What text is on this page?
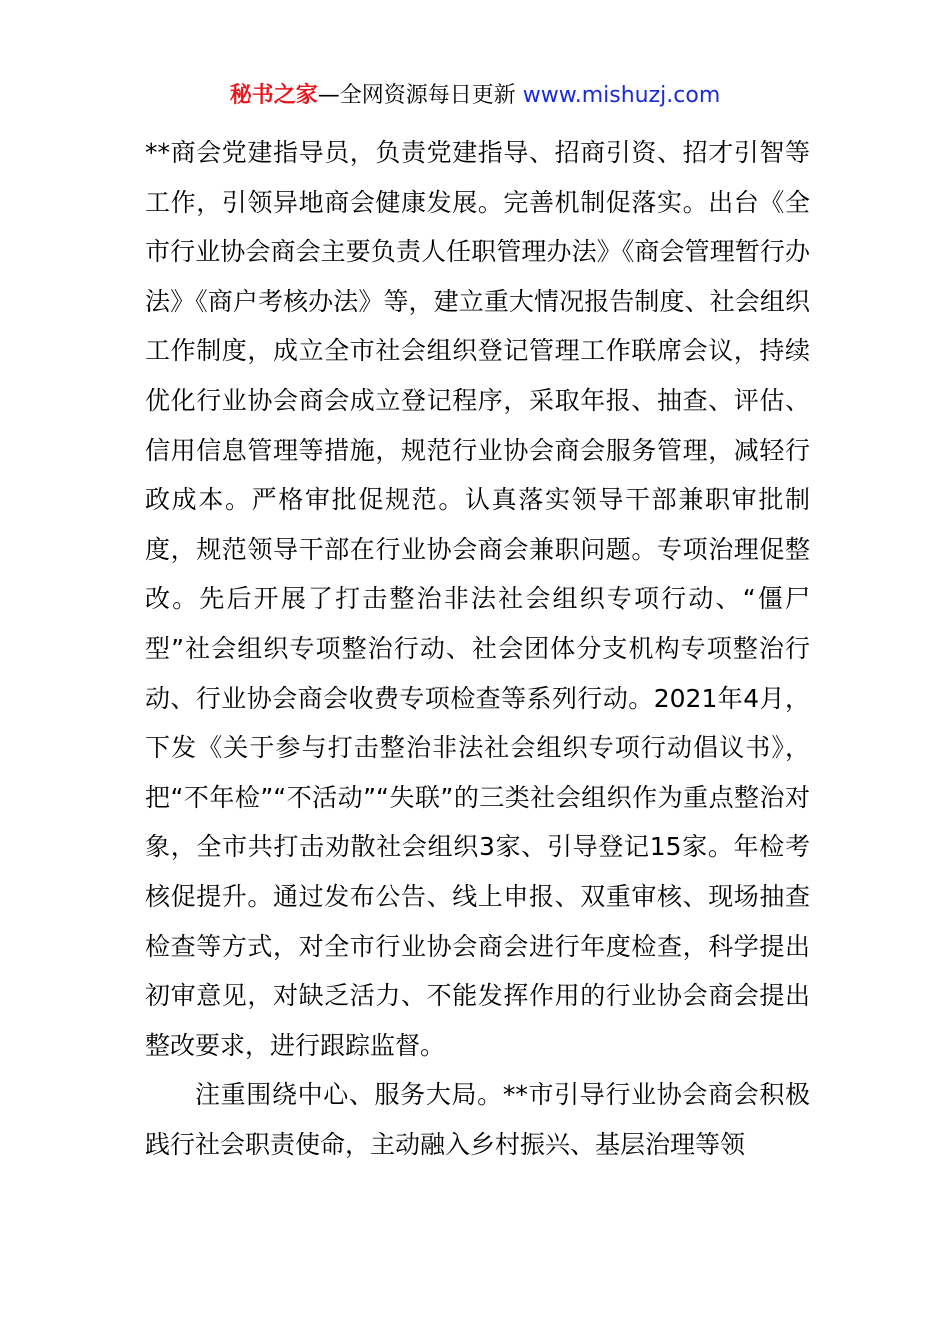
秘书之家—全网资源每日更新 www.mishuzj.com

**商会党建指导员，负责党建指导、招商引资、招才引智等工作，引领异地商会健康发展。完善机制促落实。出台《全市行业协会商会主要负责人任职管理办法》《商会管理暂行办法》《商户考核办法》等，建立重大情况报告制度、社会组织工作制度，成立全市社会组织登记管理工作联席会议，持续优化行业协会商会成立登记程序，采取年报、抽查、评估、信用信息管理等措施，规范行业协会商会服务管理，减轻行政成本。严格审批促规范。认真落实领导干部兼职审批制度，规范领导干部在行业协会商会兼职问题。专项治理促整改。先后开展了打击整治非法社会组织专项行动、“僵尸型”社会组织专项整治行动、社会团体分支机构专项整治行动、行业协会商会收费专项检查等系列行动。2021年4月，下发《关于参与打击整治非法社会组织专项行动倡议书》，把“不年检”“不活动”“失联”的三类社会组织作为重点整治对象，全市共打击劝散社会组织3家、引导登记15家。年检考核促提升。通过发布公告、线上申报、双重审核、现场抽查检查等方式，对全市行业协会商会进行年度检查，科学提出初审意见，对缺乏活力、不能发挥作用的行业协会商会提出整改要求，进行跟踪监督。

注重围绕中心、服务大局。**市引导行业协会商会积极践行社会职责使命，主动融入乡村振兴、基层治理等领
